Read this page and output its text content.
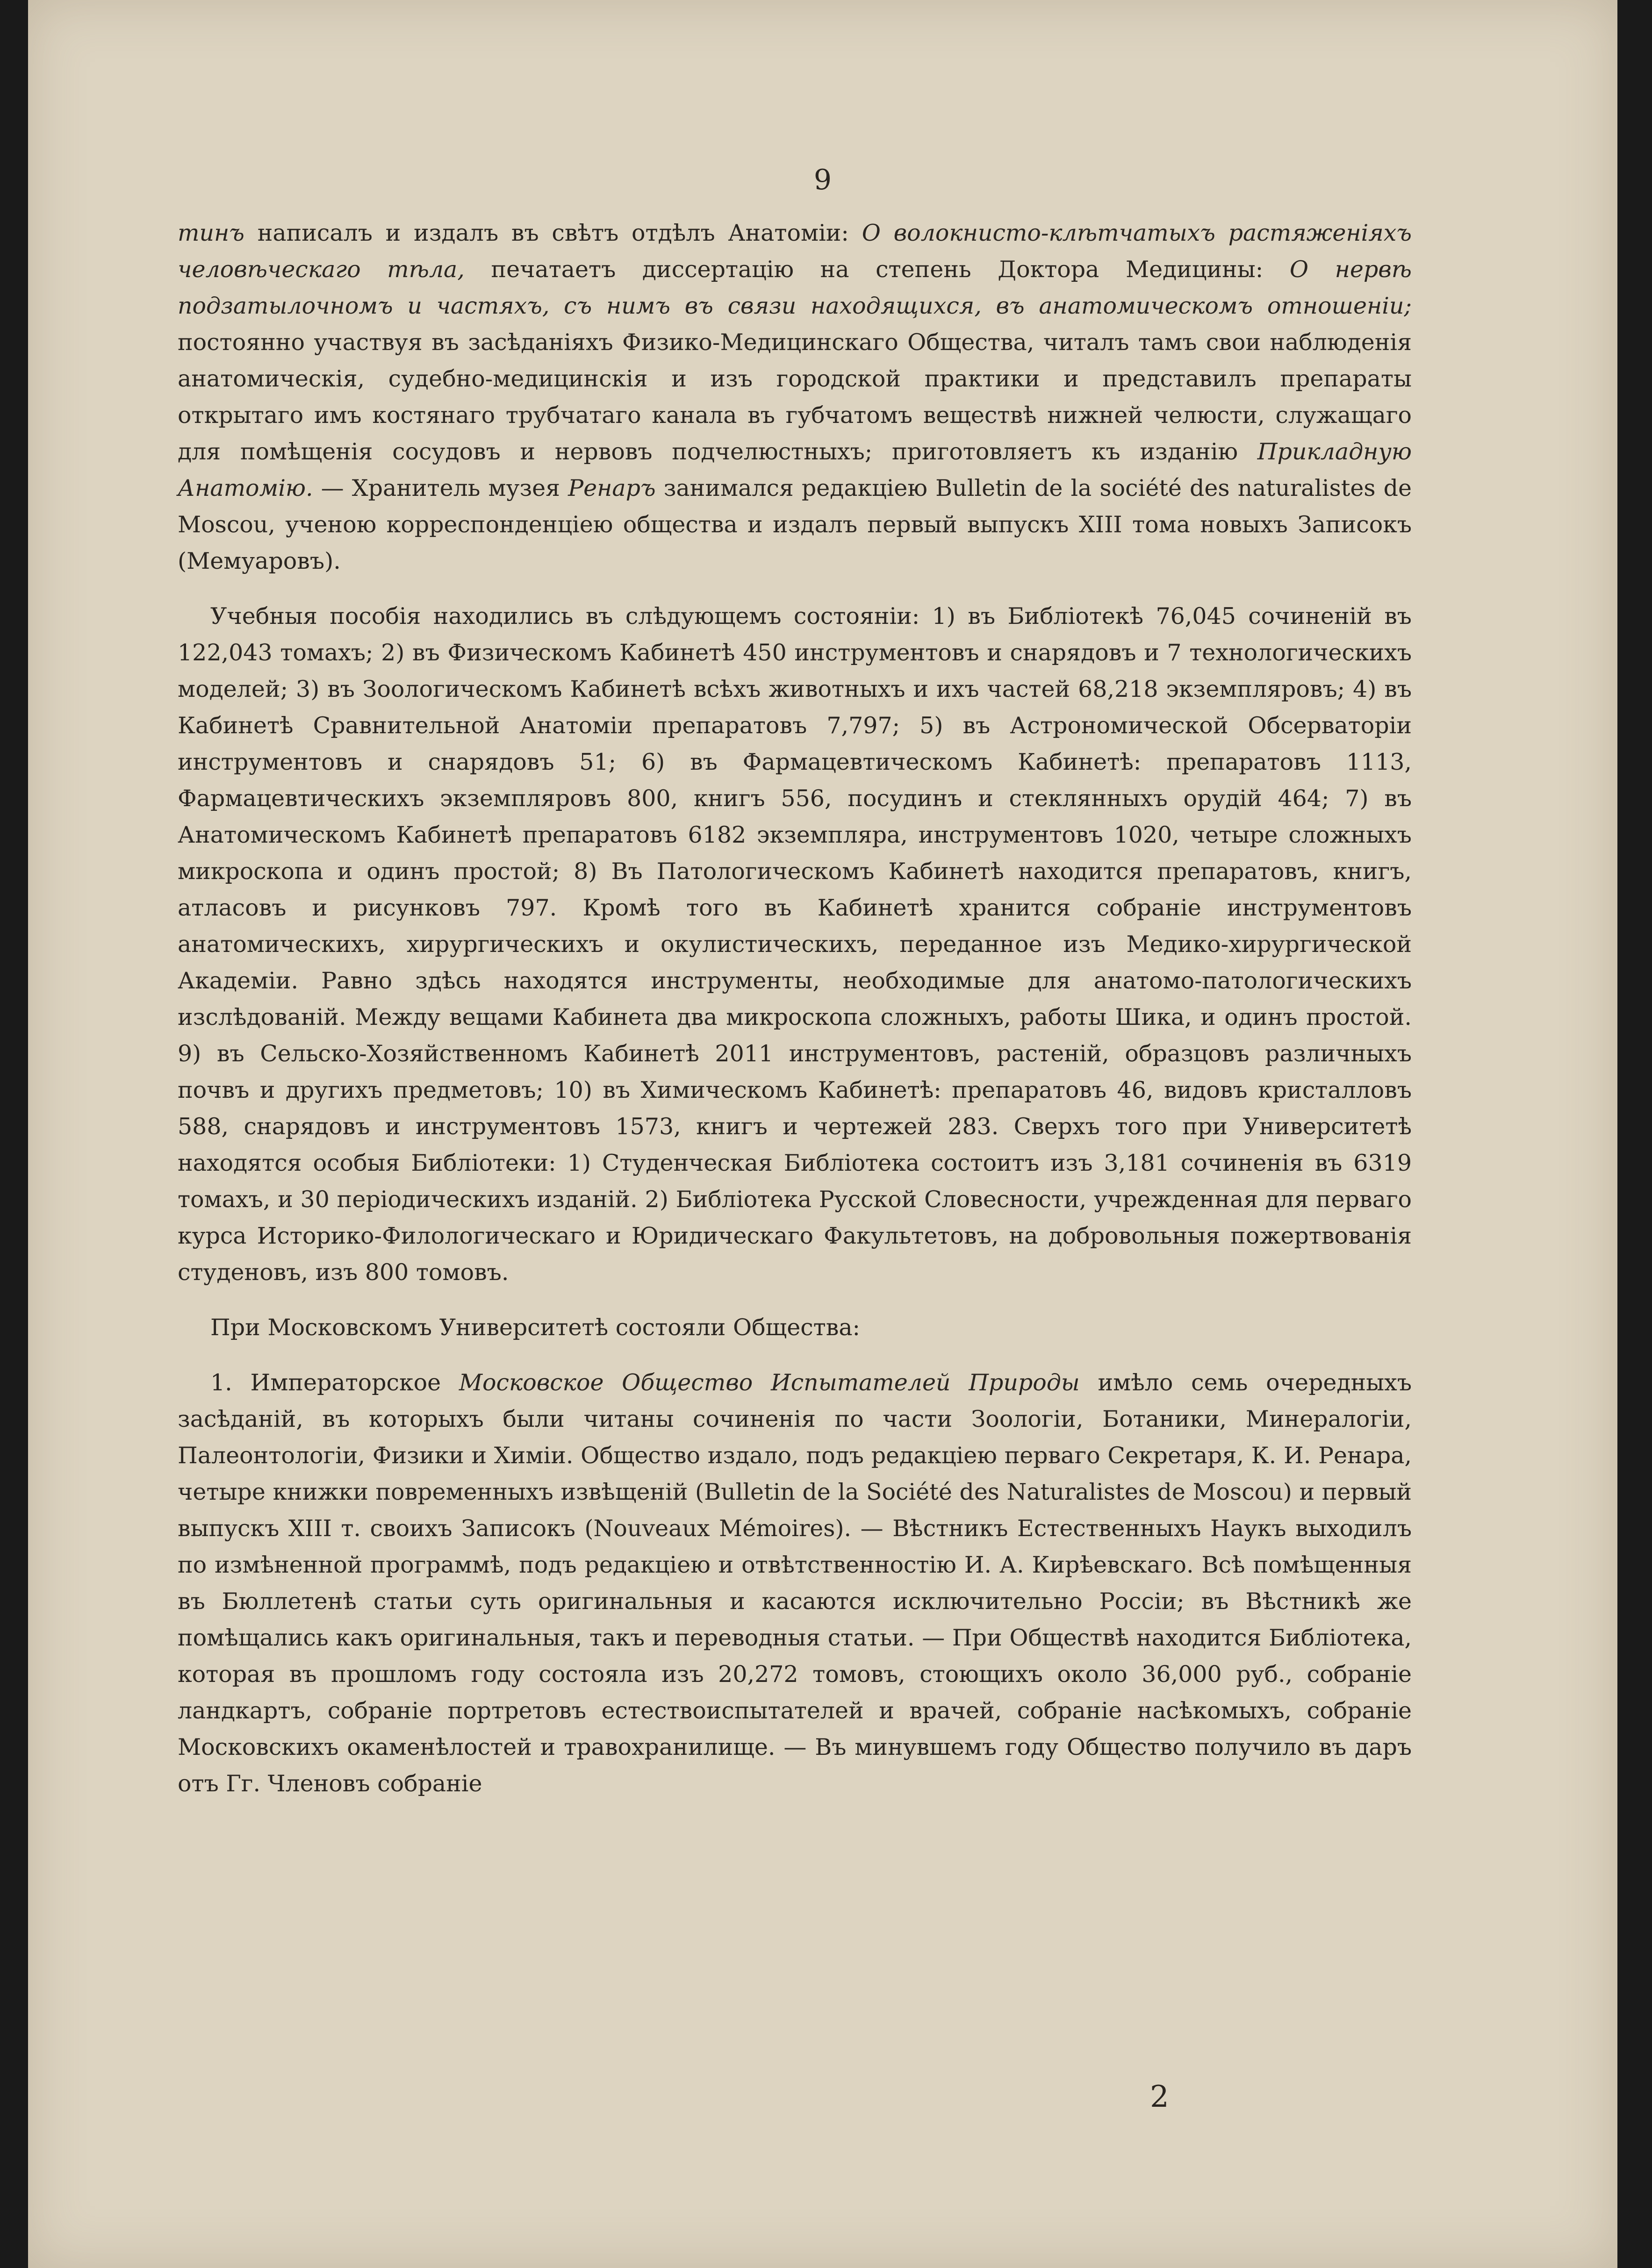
9

тинъ написалъ и издалъ въ свѣтъ отдѣлъ Анатоміи: О волокнисто-клѣтчатыхъ растяженіяхъ человѣческаго тѣла, печатаетъ диссертацію на степень Доктора Медицины: О нервѣ подзатылочномъ и частяхъ, съ нимъ въ связи находящихся, въ анатомическомъ отношеніи; постоянно участвуя въ засѣданіяхъ Физико-Медицинскаго Общества, читалъ тамъ свои наблюденія анатомическія, судебно-медицинскія и изъ городской практики и представилъ препараты открытаго имъ костянаго трубчатаго канала въ губчатомъ веществѣ нижней челюсти, служащаго для помѣщенія сосудовъ и нервовъ подчелюстныхъ; приготовляетъ къ изданію Прикладную Анатомію. — Хранитель музея Ренаръ занимался редакціею Bulletin de la société des naturalistes de Moscou, ученою корреспонденціею общества и издалъ первый выпускъ XIII тома новыхъ Записокъ (Мемуаровъ).

Учебныя пособія находились въ слѣдующемъ состояніи: 1) въ Библіотекѣ 76,045 сочиненій въ 122,043 томахъ; 2) въ Физическомъ Кабинетѣ 450 инструментовъ и снарядовъ и 7 технологическихъ моделей; 3) въ Зоологическомъ Кабинетѣ всѣхъ животныхъ и ихъ частей 68,218 экземпляровъ; 4) въ Кабинетѣ Сравнительной Анатоміи препаратовъ 7,797; 5) въ Астрономической Обсерваторіи инструментовъ и снарядовъ 51; 6) въ Фармацевтическомъ Кабинетѣ: препаратовъ 1113, Фармацевтическихъ экземпляровъ 800, книгъ 556, посудинъ и стеклянныхъ орудій 464; 7) въ Анатомическомъ Кабинетѣ препаратовъ 6182 экземпляра, инструментовъ 1020, четыре сложныхъ микроскопа и одинъ простой; 8) Въ Патологическомъ Кабинетѣ находится препаратовъ, книгъ, атласовъ и рисунковъ 797. Кромѣ того въ Кабинетѣ хранится собраніе инструментовъ анатомическихъ, хирургическихъ и окулистическихъ, переданное изъ Медико-хирургической Академіи. Равно здѣсь находятся инструменты, необходимые для анатомо-патологическихъ изслѣдованій. Между вещами Кабинета два микроскопа сложныхъ, работы Шика, и одинъ простой. 9) въ Сельско-Хозяйственномъ Кабинетѣ 2011 инструментовъ, растеній, образцовъ различныхъ почвъ и другихъ предметовъ; 10) въ Химическомъ Кабинетѣ: препаратовъ 46, видовъ кристалловъ 588, снарядовъ и инструментовъ 1573, книгъ и чертежей 283. Сверхъ того при Университетѣ находятся особыя Библіотеки: 1) Студенческая Библіотека состоитъ изъ 3,181 сочиненія въ 6319 томахъ, и 30 періодическихъ изданій. 2) Библіотека Русской Словесности, учрежденная для перваго курса Историко-Филологическаго и Юридическаго Факультетовъ, на добровольныя пожертвованія студеновъ, изъ 800 томовъ.

При Московскомъ Университетѣ состояли Общества:

1. Императорское Московское Общество Испытателей Природы имѣло семь очередныхъ засѣданій, въ которыхъ были читаны сочиненія по части Зоологіи, Ботаники, Минералогіи, Палеонтологіи, Физики и Химіи. Общество издало, подъ редакціею перваго Секретаря, К. И. Ренара, четыре книжки повременныхъ извѣщеній (Bulletin de la Société des Naturalistes de Moscou) и первый выпускъ XIII т. своихъ Записокъ (Nouveaux Mémoires). — Вѣстникъ Естественныхъ Наукъ выходилъ по измѣненной программѣ, подъ редакціею и отвѣтственностію И. А. Кирѣевскаго. Всѣ помѣщенныя въ Бюллетенѣ статьи суть оригинальныя и касаются исключительно Россіи; въ Вѣстникѣ же помѣщались какъ оригинальныя, такъ и переводныя статьи. — При Обществѣ находится Библіотека, которая въ прошломъ году состояла изъ 20,272 томовъ, стоющихъ около 36,000 руб., собраніе ландкартъ, собраніе портретовъ естествоиспытателей и врачей, собраніе насѣкомыхъ, собраніе Московскихъ окаменѣлостей и травохранилище. — Въ минувшемъ году Общество получило въ даръ отъ Гг. Членовъ собраніе

2
